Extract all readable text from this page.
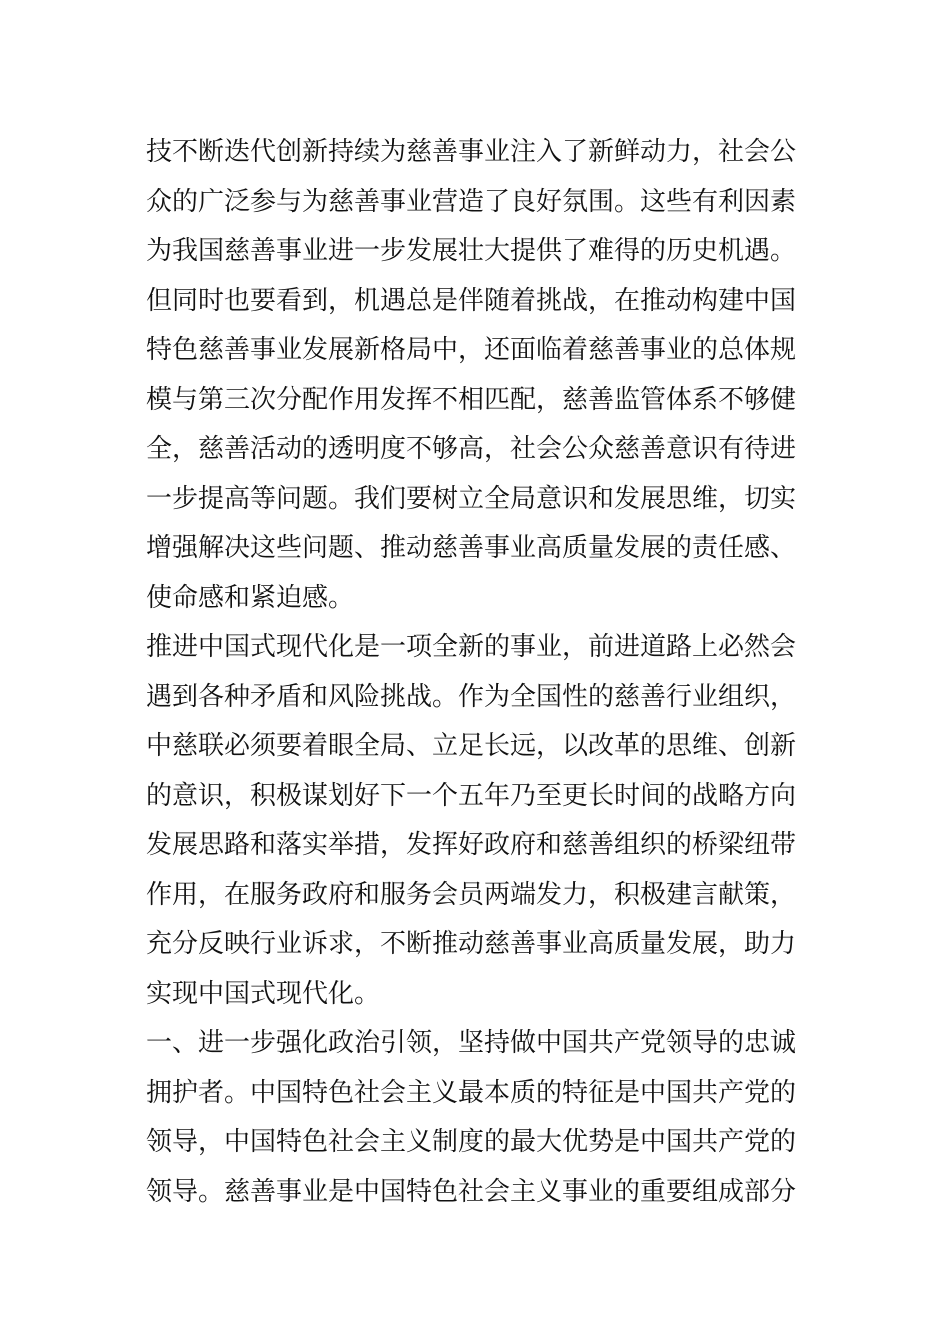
技不断迭代创新持续为慈善事业注入了新鲜动力，社会公
众的广泛参与为慈善事业营造了良好氛围。这些有利因素
为我国慈善事业进一步发展壮大提供了难得的历史机遇。
但同时也要看到，机遇总是伴随着挑战，在推动构建中国
特色慈善事业发展新格局中，还面临着慈善事业的总体规
模与第三次分配作用发挥不相匹配，慈善监管体系不够健
全，慈善活动的透明度不够高，社会公众慈善意识有待进
一步提高等问题。我们要树立全局意识和发展思维，切实
增强解决这些问题、推动慈善事业高质量发展的责任感、
使命感和紧迫感。
推进中国式现代化是一项全新的事业，前进道路上必然会
遇到各种矛盾和风险挑战。作为全国性的慈善行业组织，
中慈联必须要着眼全局、立足长远，以改革的思维、创新
的意识，积极谋划好下一个五年乃至更长时间的战略方向
发展思路和落实举措，发挥好政府和慈善组织的桥梁纽带
作用，在服务政府和服务会员两端发力，积极建言献策，
充分反映行业诉求，不断推动慈善事业高质量发展，助力
实现中国式现代化。
一、进一步强化政治引领，坚持做中国共产党领导的忠诚
拥护者。中国特色社会主义最本质的特征是中国共产党的
领导，中国特色社会主义制度的最大优势是中国共产党的
领导。慈善事业是中国特色社会主义事业的重要组成部分
